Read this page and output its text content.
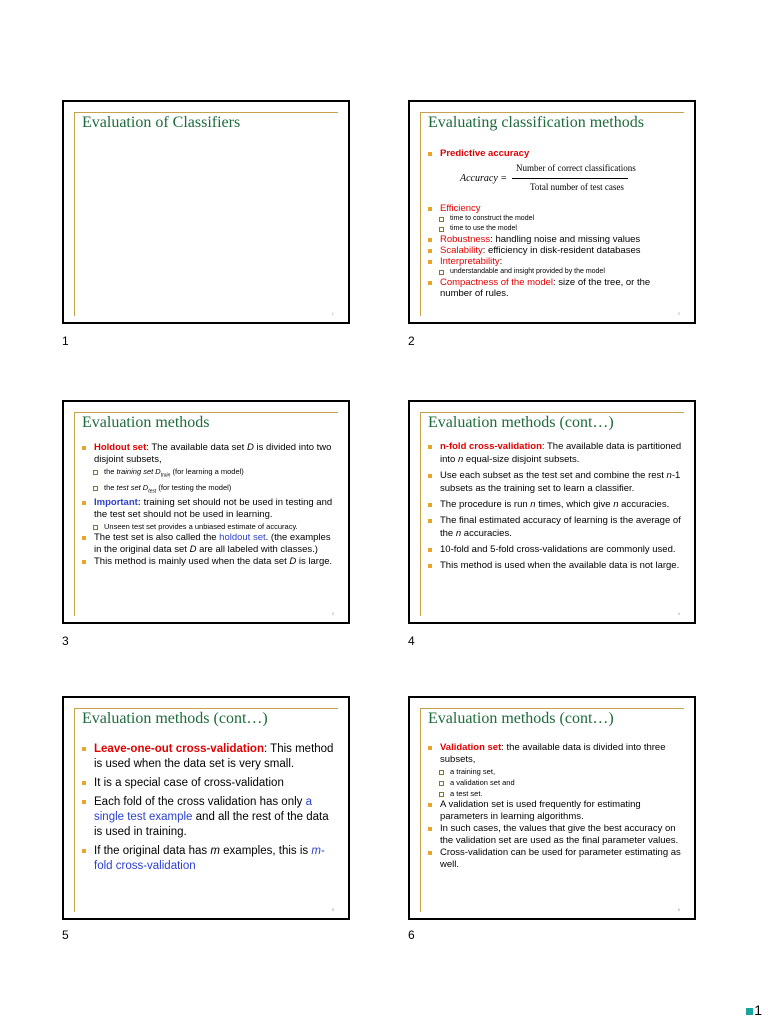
Evaluation of Classifiers
1
1
Evaluating classification methods
Predictive accuracy
Accuracy =
Number of correct classifications
Total number of test cases
Efficiency
time to construct the model
time to use the model
Robustness: handling noise and missing values
Scalability: efficiency in disk-resident databases
Interpretability:
understandable and insight provided by the model
Compactness of the model: size of the tree, or the number of rules.
2
2
Evaluation methods
Holdout set: The available data set D is divided into two disjoint subsets,
the training set $D_{train}$ (for learning a model)
the test set $D_{test}$ (for testing the model)
Important: training set should not be used in testing and the test set should not be used in learning.
Unseen test set provides a unbiased estimate of accuracy.
The test set is also called the holdout set. (the examples in the original data set D are all labeled with classes.)
This method is mainly used when the data set D is large.
3
3
Evaluation methods (cont…)
n-fold cross-validation: The available data is partitioned into n equal-size disjoint subsets.
Use each subset as the test set and combine the rest n-1 subsets as the training set to learn a classifier.
The procedure is run n times, which give n accuracies.
The final estimated accuracy of learning is the average of the n accuracies.
10-fold and 5-fold cross-validations are commonly used.
This method is used when the available data is not large.
4
4
Evaluation methods (cont…)
Leave-one-out cross-validation: This method is used when the data set is very small.
It is a special case of cross-validation
Each fold of the cross validation has only a single test example and all the rest of the data is used in training.
If the original data has m examples, this is m-fold cross-validation
5
5
Evaluation methods (cont…)
Validation set: the available data is divided into three subsets,
a training set,
a validation set and
a test set.
A validation set is used frequently for estimating parameters in learning algorithms.
In such cases, the values that give the best accuracy on the validation set are used as the final parameter values.
Cross-validation can be used for parameter estimating as well.
6
6
1
